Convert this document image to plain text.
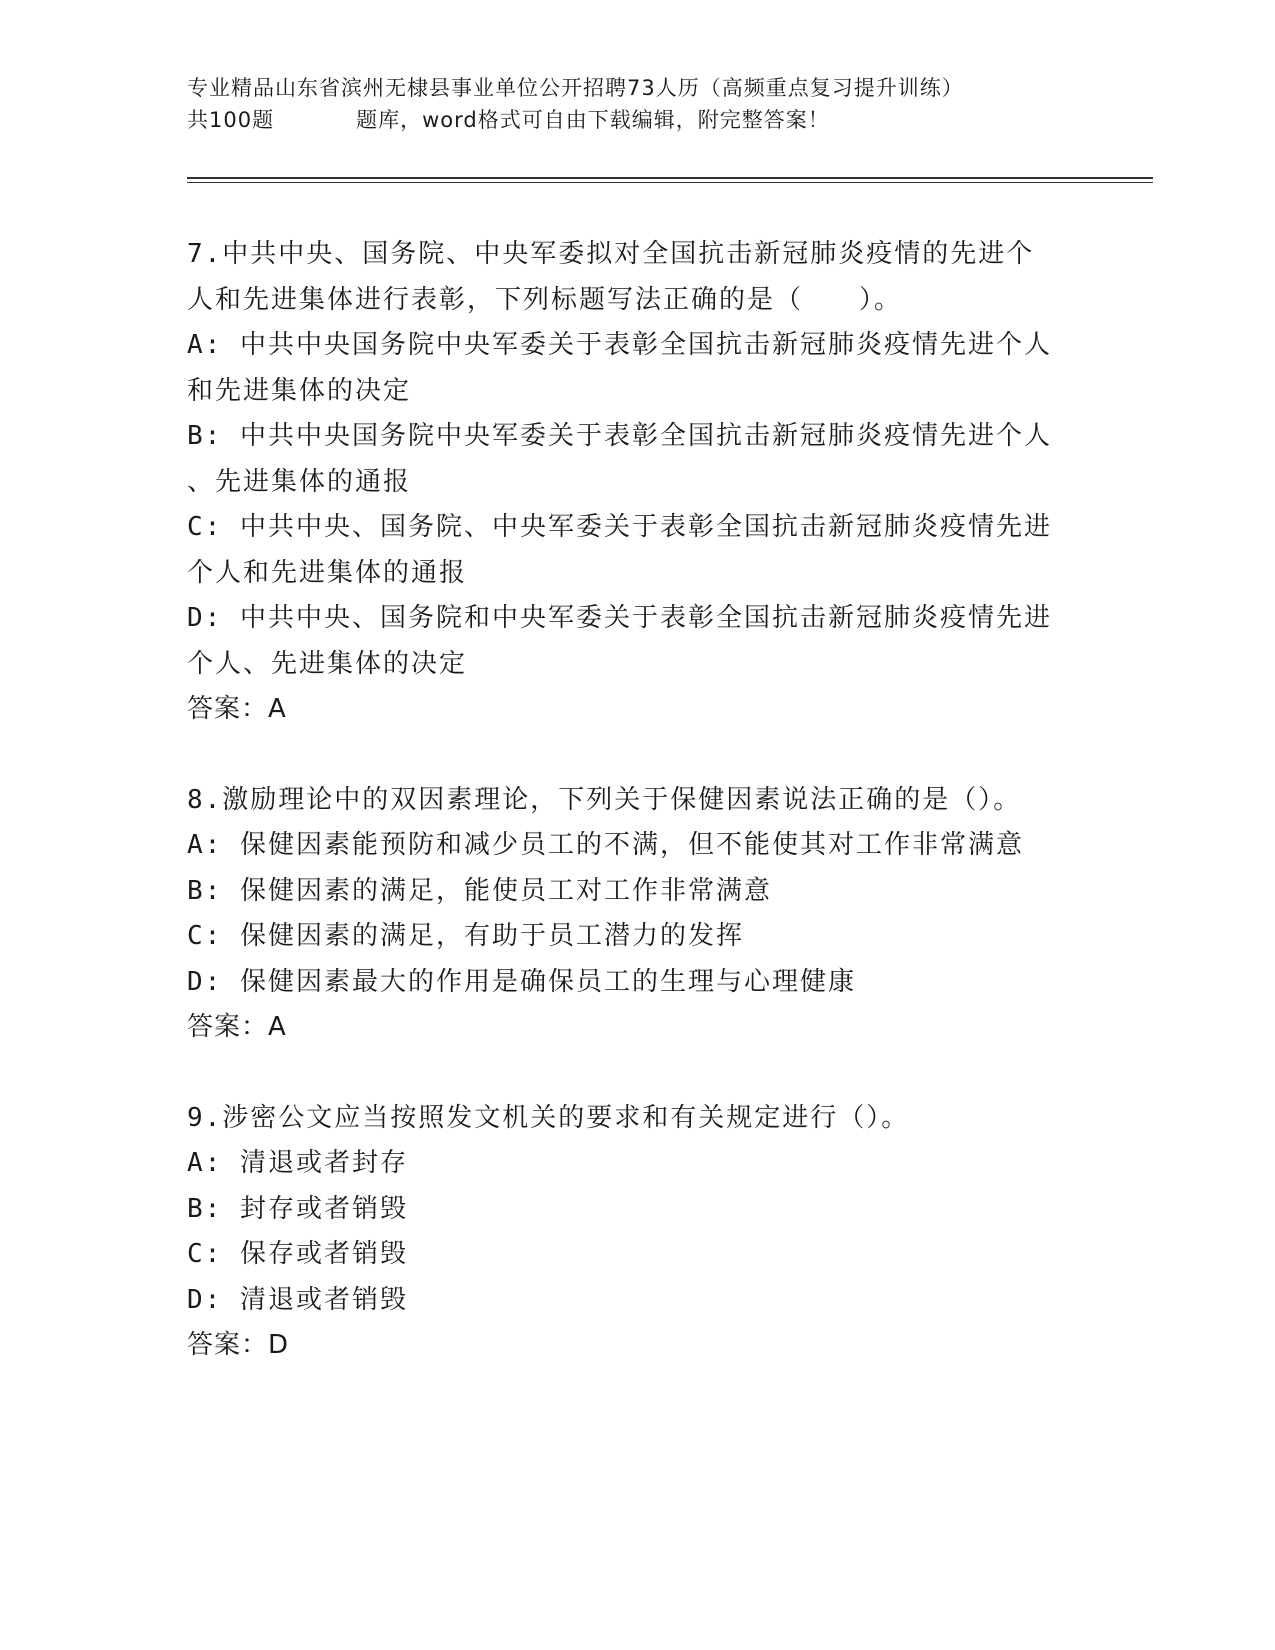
专业精品山东省滨州无棣县事业单位公开招聘73人历（高频重点复习提升训练）
共100题	题库，word格式可自由下载编辑，附完整答案！
7.中共中央、国务院、中央军委拟对全国抗击新冠肺炎疫情的先进个
人和先进集体进行表彰，下列标题写法正确的是（　　）。
A: 中共中央国务院中央军委关于表彰全国抗击新冠肺炎疫情先进个人
和先进集体的决定
B: 中共中央国务院中央军委关于表彰全国抗击新冠肺炎疫情先进个人
、先进集体的通报
C: 中共中央、国务院、中央军委关于表彰全国抗击新冠肺炎疫情先进
个人和先进集体的通报
D: 中共中央、国务院和中央军委关于表彰全国抗击新冠肺炎疫情先进
个人、先进集体的决定
答案：A
8.激励理论中的双因素理论，下列关于保健因素说法正确的是（）。
A: 保健因素能预防和减少员工的不满，但不能使其对工作非常满意
B: 保健因素的满足，能使员工对工作非常满意
C: 保健因素的满足，有助于员工潜力的发挥
D: 保健因素最大的作用是确保员工的生理与心理健康
答案：A
9.涉密公文应当按照发文机关的要求和有关规定进行（）。
A: 清退或者封存
B: 封存或者销毁
C: 保存或者销毁
D: 清退或者销毁
答案：D
